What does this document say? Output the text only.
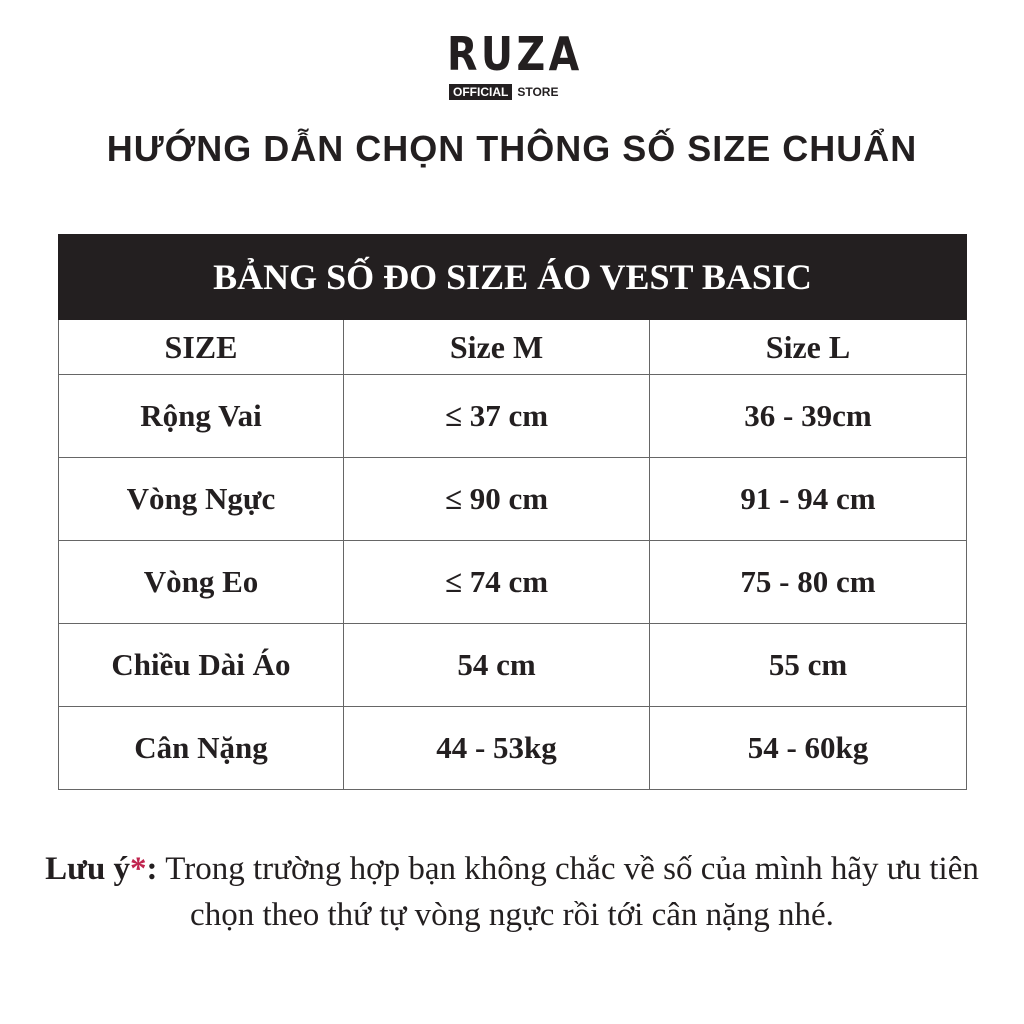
RUZA
OFFICIAL STORE
HƯỚNG DẪN CHỌN THÔNG SỐ SIZE CHUẨN
BẢNG SỐ ĐO SIZE ÁO VEST BASIC		
SIZE	Size M	Size L
Rộng Vai	≤ 37 cm	36 - 39cm
Vòng Ngực	≤ 90 cm	91 - 94 cm
Vòng Eo	≤ 74 cm	75 - 80 cm
Chiều Dài Áo	54 cm	55 cm
Cân Nặng	44 - 53kg	54 - 60kg
Lưu ý*: Trong trường hợp bạn không chắc về số của mình hãy ưu tiên chọn theo thứ tự vòng ngực rồi tới cân nặng nhé.
